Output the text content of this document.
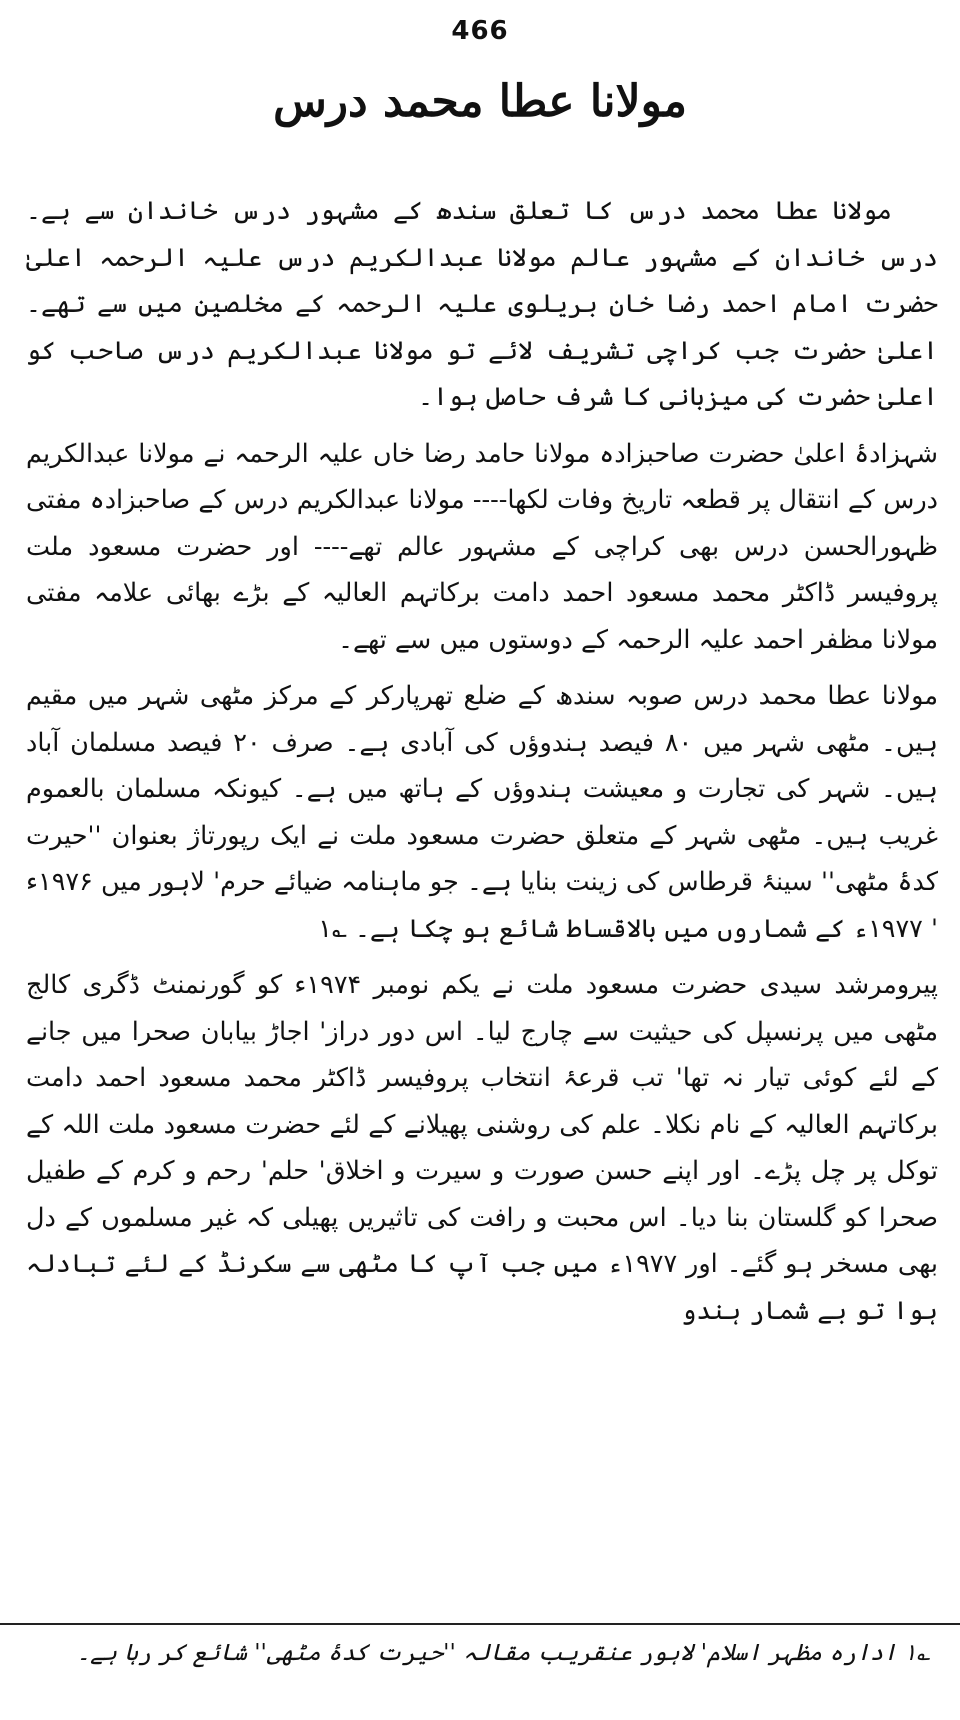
466
مولانا عطا محمد درس

مولانا عطا محمد درس کا تعلق سندھ کے مشہور درس خاندان سے ہے۔ درس خاندان کے مشہور عالم مولانا عبدالکریم درس علیہ الرحمہ اعلیٰ حضرت امام احمد رضا خان بریلوی علیہ الرحمہ کے مخلصین میں سے تھے۔ اعلیٰ حضرت جب کراچی تشریف لائے تو مولانا عبدالکریم درس صاحب کو اعلیٰ حضرت کی میزبانی کا شرف حاصل ہوا۔

شہزادۂ اعلیٰ حضرت صاحبزادہ مولانا حامد رضا خاں علیہ الرحمہ نے مولانا عبدالکریم درس کے انتقال پر قطعہ تاریخ وفات لکھا---- مولانا عبدالکریم درس کے صاحبزادہ مفتی ظہورالحسن درس بھی کراچی کے مشہور عالم تھے---- اور حضرت مسعود ملت پروفیسر ڈاکٹر محمد مسعود احمد دامت برکاتہم العالیہ کے بڑے بھائی علامہ مفتی مولانا مظفر احمد علیہ الرحمہ کے دوستوں میں سے تھے۔

مولانا عطا محمد درس صوبہ سندھ کے ضلع تھرپارکر کے مرکز مٹھی شہر میں مقیم ہیں۔ مٹھی شہر میں ۸۰ فیصد ہندوؤں کی آبادی ہے۔ صرف ۲۰ فیصد مسلمان آباد ہیں۔ شہر کی تجارت و معیشت ہندوؤں کے ہاتھ میں ہے۔ کیونکہ مسلمان بالعموم غریب ہیں۔ مٹھی شہر کے متعلق حضرت مسعود ملت نے ایک رپورتاژ بعنوان ''حیرت کدۂ مٹھی'' سینۂ قرطاس کی زینت بنایا ہے۔ جو ماہنامہ ضیائے حرم' لاہور میں ۱۹۷۶ء ' ۱۹۷۷ء کے شماروں میں بالاقساط شائع ہو چکا ہے۔ ؎۱

پیرومرشد سیدی حضرت مسعود ملت نے یکم نومبر ۱۹۷۴ء کو گورنمنٹ ڈگری کالج مٹھی میں پرنسپل کی حیثیت سے چارج لیا۔ اس دور دراز' اجاڑ بیابان صحرا میں جانے کے لئے کوئی تیار نہ تھا' تب قرعۂ انتخاب پروفیسر ڈاکٹر محمد مسعود احمد دامت برکاتہم العالیہ کے نام نکلا۔ علم کی روشنی پھیلانے کے لئے حضرت مسعود ملت اللہ کے توکل پر چل پڑے۔ اور اپنے حسن صورت و سیرت و اخلاق' حلم' رحم و کرم کے طفیل صحرا کو گلستان بنا دیا۔ اس محبت و رافت کی تاثیریں پھیلی کہ غیر مسلموں کے دل بھی مسخر ہو گئے۔ اور ۱۹۷۷ء میں جب آپ کا مٹھی سے سکرنڈ کے لئے تبادلہ ہوا تو بے شمار ہندو

؎۱ ادارہ مظہر اسلام' لاہور عنقریب مقالہ ''حیرت کدۂ مٹھی'' شائع کر رہا ہے۔
